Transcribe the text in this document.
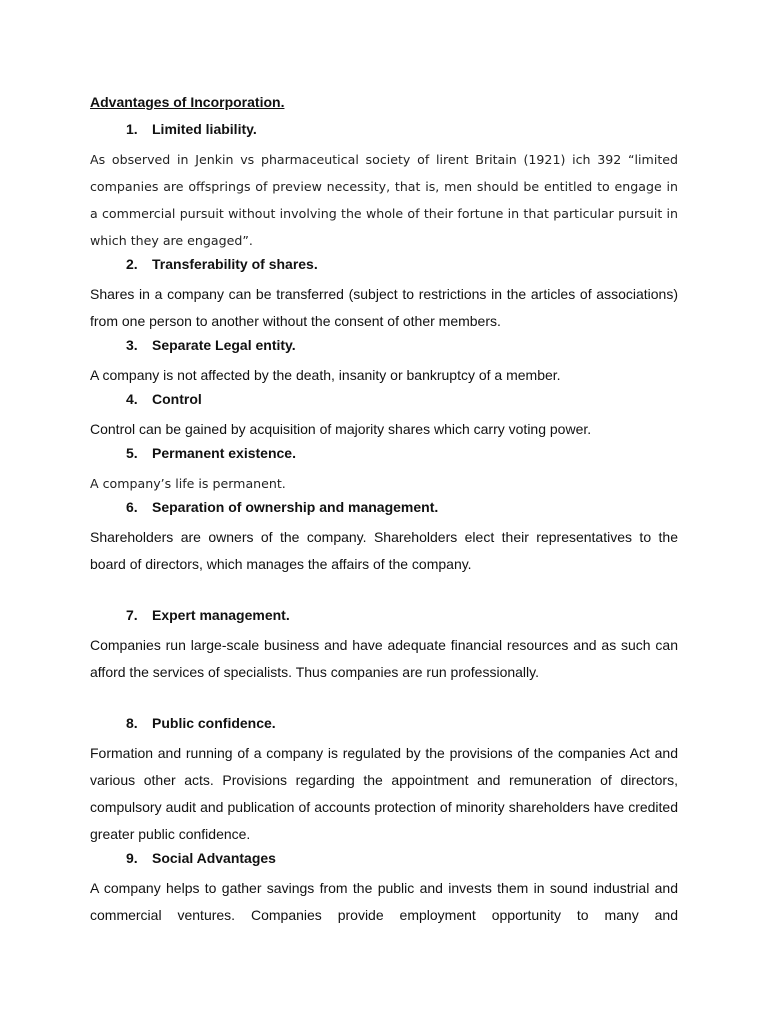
Advantages of Incorporation.
1. Limited liability.

As observed in Jenkin vs pharmaceutical society of lirent Britain (1921) ich 392 “limited companies are offsprings of preview necessity, that is, men should be entitled to engage in a commercial pursuit without involving the whole of their fortune in that particular pursuit in which they are engaged”.

2. Transferability of shares.

Shares in a company can be transferred (subject to restrictions in the articles of associations) from one person to another without the consent of other members.

3. Separate Legal entity.

A company is not affected by the death, insanity or bankruptcy of a member.

4. Control

Control can be gained by acquisition of majority shares which carry voting power.

5. Permanent existence.

A company’s life is permanent.

6. Separation of ownership and management.

Shareholders are owners of the company. Shareholders elect their representatives to the board of directors, which manages the affairs of the company.

7. Expert management.

Companies run large-scale business and have adequate financial resources and as such can afford the services of specialists. Thus companies are run professionally.

8. Public confidence.

Formation and running of a company is regulated by the provisions of the companies Act and various other acts. Provisions regarding the appointment and remuneration of directors, compulsory audit and publication of accounts protection of minority shareholders have credited greater public confidence.

9. Social Advantages

A company helps to gather savings from the public and invests them in sound industrial and commercial ventures. Companies provide employment opportunity to many and
